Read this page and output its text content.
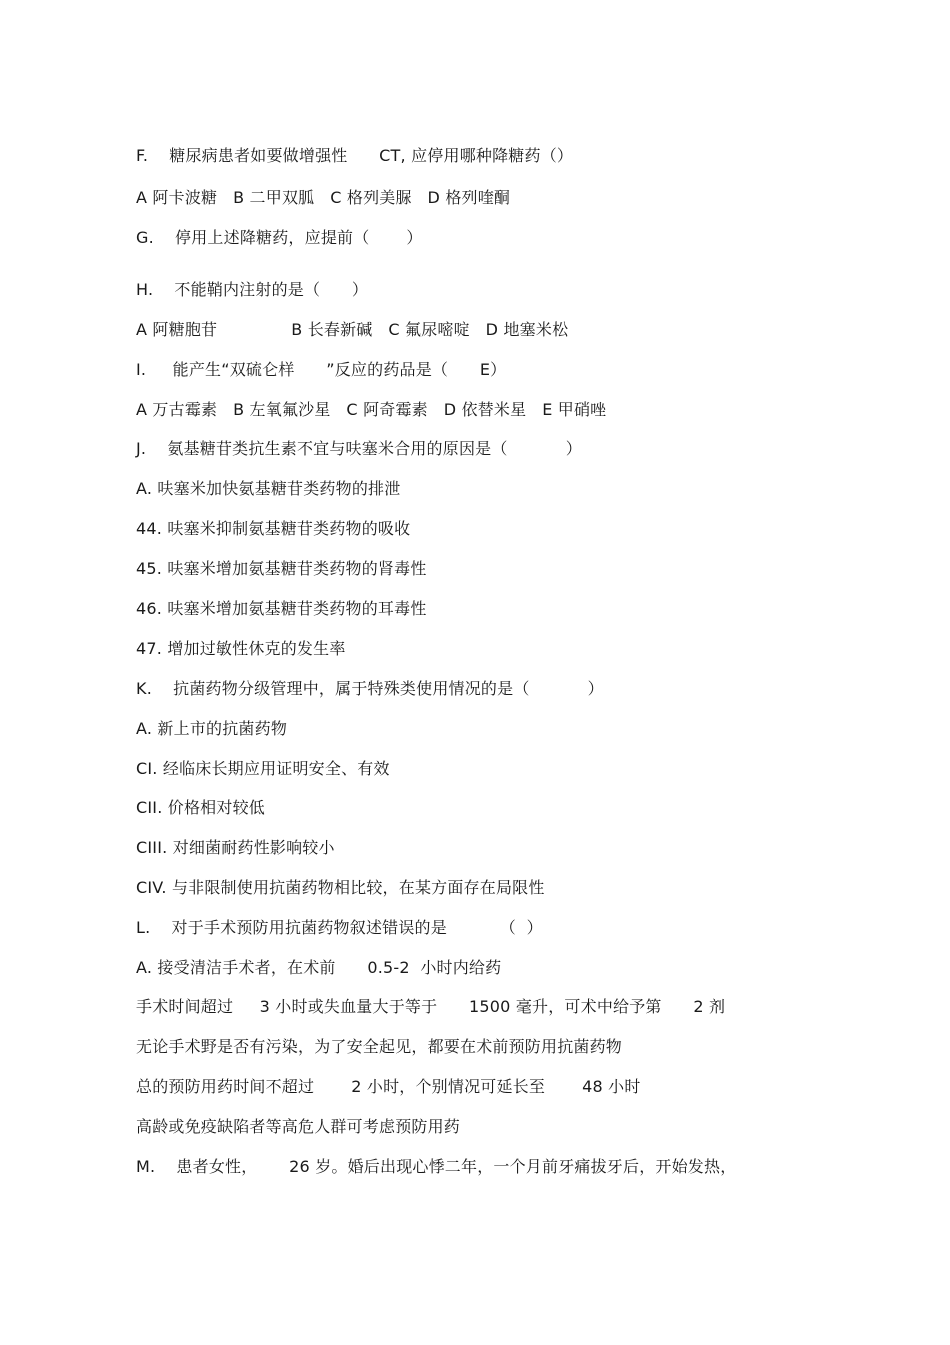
F.    糖尿病患者如要做增强性      CT, 应停用哪种降糖药（）
A 阿卡波糖   B 二甲双胍   C 格列美脲   D 格列喹酮
G.    停用上述降糖药，应提前（       ）
H.    不能鞘内注射的是（      ）
A 阿糖胞苷              B 长春新碱   C 氟尿嘧啶   D 地塞米松
I.     能产生“双硫仑样      ”反应的药品是（      E）
A 万古霉素   B 左氧氟沙星   C 阿奇霉素   D 依替米星   E 甲硝唑
J.    氨基糖苷类抗生素不宜与呋塞米合用的原因是（           ）
A. 呋塞米加快氨基糖苷类药物的排泄
44. 呋塞米抑制氨基糖苷类药物的吸收
45. 呋塞米增加氨基糖苷类药物的肾毒性
46. 呋塞米增加氨基糖苷类药物的耳毒性
47. 增加过敏性休克的发生率
K.    抗菌药物分级管理中，属于特殊类使用情况的是（           ）
A. 新上市的抗菌药物
CI. 经临床长期应用证明安全、有效
CII. 价格相对较低
CIII. 对细菌耐药性影响较小
CIV. 与非限制使用抗菌药物相比较，在某方面存在局限性
L.    对于手术预防用抗菌药物叙述错误的是          （  ）
A. 接受清洁手术者，在术前      0.5-2  小时内给药
手术时间超过     3 小时或失血量大于等于      1500 毫升，可术中给予第      2 剂
无论手术野是否有污染，为了安全起见，都要在术前预防用抗菌药物
总的预防用药时间不超过       2 小时，个别情况可延长至       48 小时
高龄或免疫缺陷者等高危人群可考虑预防用药
M.    患者女性，      26 岁。婚后出现心悸二年，一个月前牙痛拔牙后，开始发热，
